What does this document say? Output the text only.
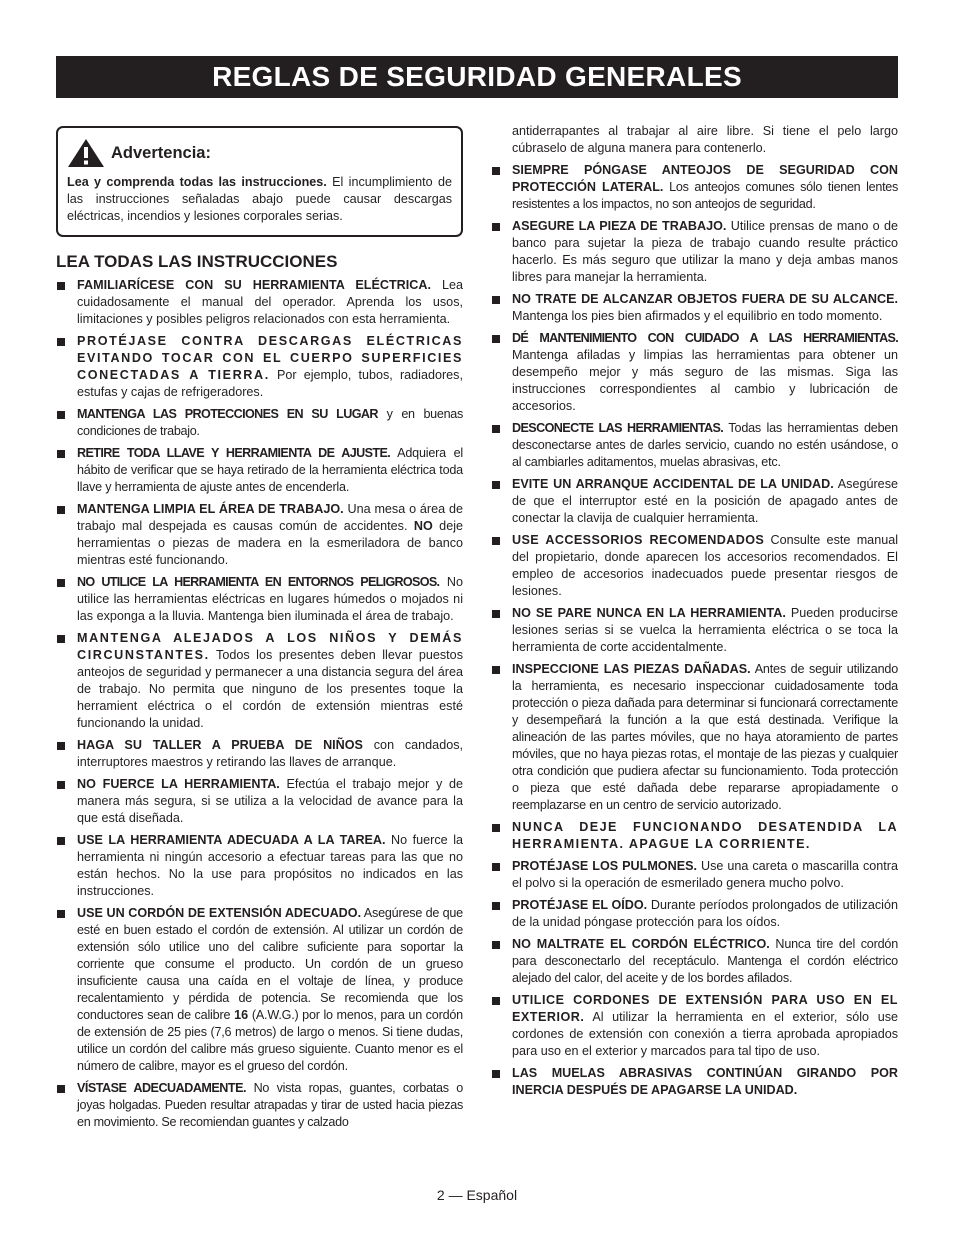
REGLAS DE SEGURIDAD GENERALES
Advertencia:
Lea y comprenda todas las instrucciones. El incumplimiento de las instrucciones señaladas abajo puede causar descargas eléctricas, incendios y lesiones corporales serias.
LEA TODAS LAS INSTRUCCIONES
FAMILIARÍCESE CON SU HERRAMIENTA ELÉCTRICA. Lea cuidadosamente el manual del operador. Aprenda los usos, limitaciones y posibles peligros relacionados con esta herramienta.
PROTÉJASE CONTRA DESCARGAS ELÉCTRICAS EVITANDO TOCAR CON EL CUERPO SUPERFICIES CONECTADAS A TIERRA. Por ejemplo, tubos, radiadores, estufas y cajas de refrigeradores.
MANTENGA LAS PROTECCIONES EN SU LUGAR y en buenas condiciones de trabajo.
RETIRE TODA LLAVE Y HERRAMIENTA DE AJUSTE. Adquiera el hábito de verificar que se haya retirado de la herramienta eléctrica toda llave y herramienta de ajuste antes de encenderla.
MANTENGA LIMPIA EL ÁREA DE TRABAJO. Una mesa o área de trabajo mal despejada es causas común de accidentes. NO deje herramientas o piezas de madera en la esmeriladora de banco mientras esté funcionando.
NO UTILICE LA HERRAMIENTA EN ENTORNOS PELIGROSOS. No utilice las herramientas eléctricas en lugares húmedos o mojados ni las exponga a la lluvia. Mantenga bien iluminada el área de trabajo.
MANTENGA ALEJADOS A LOS NIÑOS Y DEMÁS CIRCUNSTANTES. Todos los presentes deben llevar puestos anteojos de seguridad y permanecer a una distancia segura del área de trabajo. No permita que ninguno de los presentes toque la herramient eléctrica o el cordón de extensión mientras esté funcionando la unidad.
HAGA SU TALLER A PRUEBA DE NIÑOS con candados, interruptores maestros y retirando las llaves de arranque.
NO FUERCE LA HERRAMIENTA. Efectúa el trabajo mejor y de manera más segura, si se utiliza a la velocidad de avance para la que está diseñada.
USE LA HERRAMIENTA ADECUADA A LA TAREA. No fuerce la herramienta ni ningún accesorio a efectuar tareas para las que no están hechos. No la use para propósitos no indicados en las instrucciones.
USE UN CORDÓN DE EXTENSIÓN ADECUADO. Asegúrese de que esté en buen estado el cordón de extensión. Al utilizar un cordón de extensión sólo utilice uno del calibre suficiente para soportar la corriente que consume el producto. Un cordón de un grueso insuficiente causa una caída en el voltaje de línea, y produce recalentamiento y pérdida de potencia. Se recomienda que los conductores sean de calibre 16 (A.W.G.) por lo menos, para un cordón de extensión de 25 pies (7,6 metros) de largo o menos. Si tiene dudas, utilice un cordón del calibre más grueso siguiente. Cuanto menor es el número de calibre, mayor es el grueso del cordón.
VÍSTASE ADECUADAMENTE. No vista ropas, guantes, corbatas o joyas holgadas. Pueden resultar atrapadas y tirar de usted hacia piezas en movimiento. Se recomiendan guantes y calzado
antiderrapantes al trabajar al aire libre. Si tiene el pelo largo cúbraselo de alguna manera para contenerlo.
SIEMPRE PÓNGASE ANTEOJOS DE SEGURIDAD CON PROTECCIÓN LATERAL. Los anteojos comunes sólo tienen lentes resistentes a los impactos, no son anteojos de seguridad.
ASEGURE LA PIEZA DE TRABAJO. Utilice prensas de mano o de banco para sujetar la pieza de trabajo cuando resulte práctico hacerlo. Es más seguro que utilizar la mano y deja ambas manos libres para manejar la herramienta.
NO TRATE DE ALCANZAR OBJETOS FUERA DE SU ALCANCE. Mantenga los pies bien afirmados y el equilibrio en todo momento.
DÉ MANTENIMIENTO CON CUIDADO A LAS HERRAMIENTAS. Mantenga afiladas y limpias las herramientas para obtener un desempeño mejor y más seguro de las mismas. Siga las instrucciones correspondientes al cambio y lubricación de accesorios.
DESCONECTE LAS HERRAMIENTAS. Todas las herramientas deben desconectarse antes de darles servicio, cuando no estén usándose, o al cambiarles aditamentos, muelas abrasivas, etc.
EVITE UN ARRANQUE ACCIDENTAL DE LA UNIDAD. Asegúrese de que el interruptor esté en la posición de apagado antes de conectar la clavija de cualquier herramienta.
USE ACCESSORIOS RECOMENDADOS Consulte este manual del propietario, donde aparecen los accesorios recomendados. El empleo de accesorios inadecuados puede presentar riesgos de lesiones.
NO SE PARE NUNCA EN LA HERRAMIENTA. Pueden producirse lesiones serias si se vuelca la herramienta eléctrica o se toca la herramienta de corte accidentalmente.
INSPECCIONE LAS PIEZAS DAÑADAS. Antes de seguir utilizando la herramienta, es necesario inspeccionar cuidadosamente toda protección o pieza dañada para determinar si funcionará correctamente y desempeñará la función a la que está destinada. Verifique la alineación de las partes móviles, que no haya atoramiento de partes móviles, que no haya piezas rotas, el montaje de las piezas y cualquier otra condición que pudiera afectar su funcionamiento. Toda protección o pieza que esté dañada debe repararse apropiadamente o reemplazarse en un centro de servicio autorizado.
NUNCA DEJE FUNCIONANDO DESATENDIDA LA HERRAMIENTA. APAGUE LA CORRIENTE.
PROTÉJASE LOS PULMONES. Use una careta o mascarilla contra el polvo si la operación de esmerilado genera mucho polvo.
PROTÉJASE EL OÍDO. Durante períodos prolongados de utilización de la unidad póngase protección para los oídos.
NO MALTRATE EL CORDÓN ELÉCTRICO. Nunca tire del cordón para desconectarlo del receptáculo. Mantenga el cordón eléctrico alejado del calor, del aceite y de los bordes afilados.
UTILICE CORDONES DE EXTENSIÓN PARA USO EN EL EXTERIOR. Al utilizar la herramienta en el exterior, sólo use cordones de extensión con conexión a tierra aprobada apropiados para uso en el exterior y marcados para tal tipo de uso.
LAS MUELAS ABRASIVAS CONTINÚAN GIRANDO POR INERCIA DESPUÉS DE APAGARSE LA UNIDAD.
2 — Español
